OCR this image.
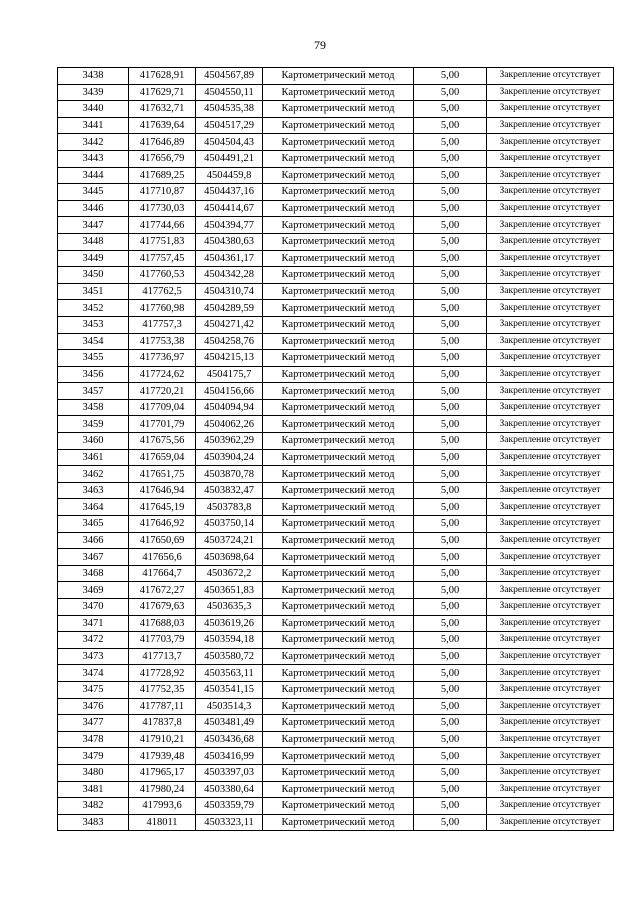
79
3438	417628,91	4504567,89	Картометрический метод	5,00	Закрепление отсутствует
3439	417629,71	4504550,11	Картометрический метод	5,00	Закрепление отсутствует
3440	417632,71	4504535,38	Картометрический метод	5,00	Закрепление отсутствует
3441	417639,64	4504517,29	Картометрический метод	5,00	Закрепление отсутствует
3442	417646,89	4504504,43	Картометрический метод	5,00	Закрепление отсутствует
3443	417656,79	4504491,21	Картометрический метод	5,00	Закрепление отсутствует
3444	417689,25	4504459,8	Картометрический метод	5,00	Закрепление отсутствует
3445	417710,87	4504437,16	Картометрический метод	5,00	Закрепление отсутствует
3446	417730,03	4504414,67	Картометрический метод	5,00	Закрепление отсутствует
3447	417744,66	4504394,77	Картометрический метод	5,00	Закрепление отсутствует
3448	417751,83	4504380,63	Картометрический метод	5,00	Закрепление отсутствует
3449	417757,45	4504361,17	Картометрический метод	5,00	Закрепление отсутствует
3450	417760,53	4504342,28	Картометрический метод	5,00	Закрепление отсутствует
3451	417762,5	4504310,74	Картометрический метод	5,00	Закрепление отсутствует
3452	417760,98	4504289,59	Картометрический метод	5,00	Закрепление отсутствует
3453	417757,3	4504271,42	Картометрический метод	5,00	Закрепление отсутствует
3454	417753,38	4504258,76	Картометрический метод	5,00	Закрепление отсутствует
3455	417736,97	4504215,13	Картометрический метод	5,00	Закрепление отсутствует
3456	417724,62	4504175,7	Картометрический метод	5,00	Закрепление отсутствует
3457	417720,21	4504156,66	Картометрический метод	5,00	Закрепление отсутствует
3458	417709,04	4504094,94	Картометрический метод	5,00	Закрепление отсутствует
3459	417701,79	4504062,26	Картометрический метод	5,00	Закрепление отсутствует
3460	417675,56	4503962,29	Картометрический метод	5,00	Закрепление отсутствует
3461	417659,04	4503904,24	Картометрический метод	5,00	Закрепление отсутствует
3462	417651,75	4503870,78	Картометрический метод	5,00	Закрепление отсутствует
3463	417646,94	4503832,47	Картометрический метод	5,00	Закрепление отсутствует
3464	417645,19	4503783,8	Картометрический метод	5,00	Закрепление отсутствует
3465	417646,92	4503750,14	Картометрический метод	5,00	Закрепление отсутствует
3466	417650,69	4503724,21	Картометрический метод	5,00	Закрепление отсутствует
3467	417656,6	4503698,64	Картометрический метод	5,00	Закрепление отсутствует
3468	417664,7	4503672,2	Картометрический метод	5,00	Закрепление отсутствует
3469	417672,27	4503651,83	Картометрический метод	5,00	Закрепление отсутствует
3470	417679,63	4503635,3	Картометрический метод	5,00	Закрепление отсутствует
3471	417688,03	4503619,26	Картометрический метод	5,00	Закрепление отсутствует
3472	417703,79	4503594,18	Картометрический метод	5,00	Закрепление отсутствует
3473	417713,7	4503580,72	Картометрический метод	5,00	Закрепление отсутствует
3474	417728,92	4503563,11	Картометрический метод	5,00	Закрепление отсутствует
3475	417752,35	4503541,15	Картометрический метод	5,00	Закрепление отсутствует
3476	417787,11	4503514,3	Картометрический метод	5,00	Закрепление отсутствует
3477	417837,8	4503481,49	Картометрический метод	5,00	Закрепление отсутствует
3478	417910,21	4503436,68	Картометрический метод	5,00	Закрепление отсутствует
3479	417939,48	4503416,99	Картометрический метод	5,00	Закрепление отсутствует
3480	417965,17	4503397,03	Картометрический метод	5,00	Закрепление отсутствует
3481	417980,24	4503380,64	Картометрический метод	5,00	Закрепление отсутствует
3482	417993,6	4503359,79	Картометрический метод	5,00	Закрепление отсутствует
3483	418011	4503323,11	Картометрический метод	5,00	Закрепление отсутствует
